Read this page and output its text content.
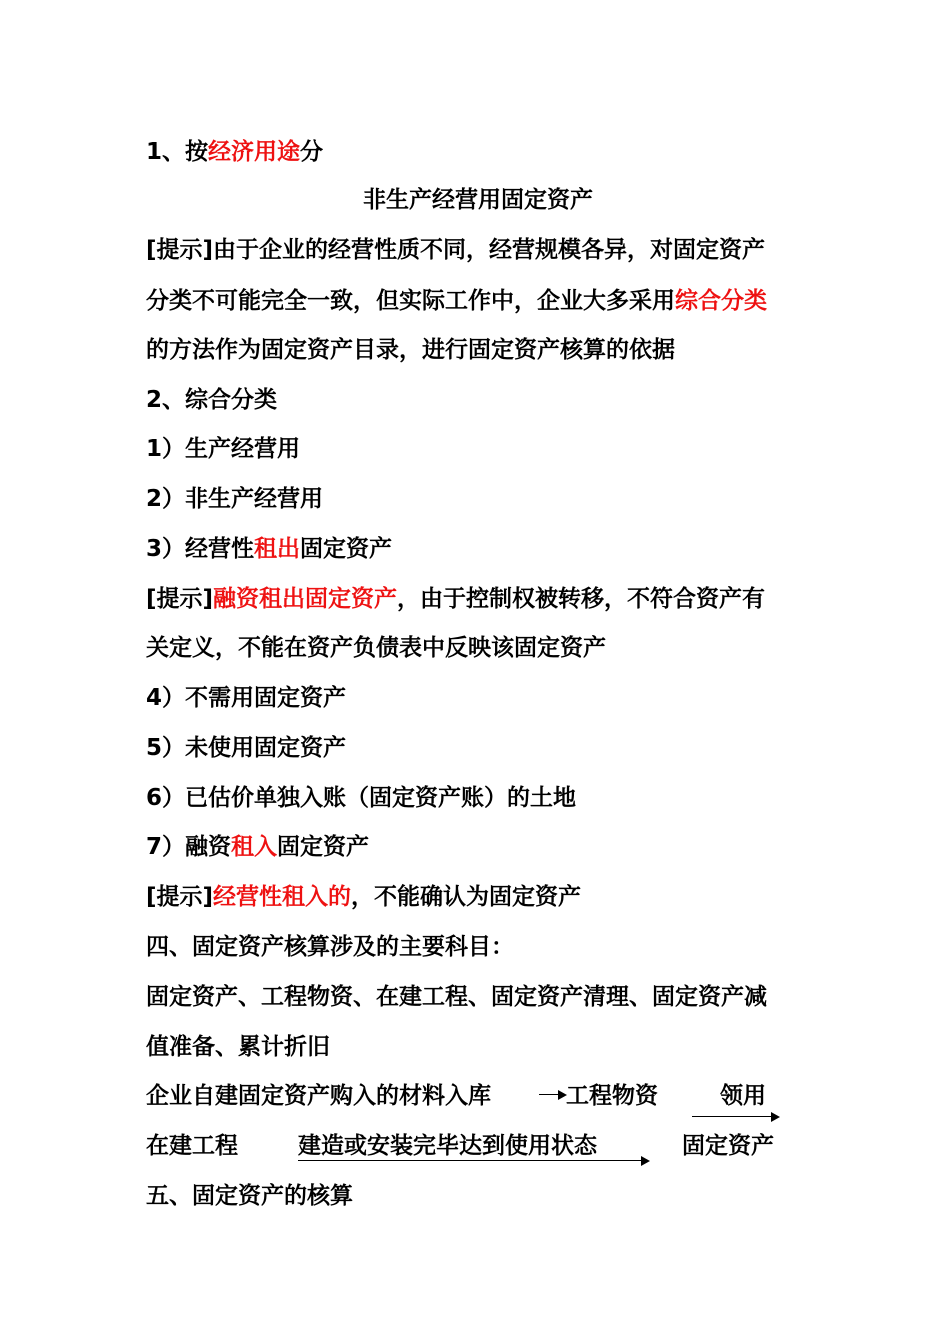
1、按经济用途分
非生产经营用固定资产
[提示]由于企业的经营性质不同，经营规模各异，对固定资产
分类不可能完全一致，但实际工作中，企业大多采用综合分类
的方法作为固定资产目录，进行固定资产核算的依据
2、综合分类
1）生产经营用
2）非生产经营用
3）经营性租出固定资产
[提示]融资租出固定资产，由于控制权被转移，不符合资产有
关定义，不能在资产负债表中反映该固定资产
4）不需用固定资产
5）未使用固定资产
6）已估价单独入账（固定资产账）的土地
7）融资租入固定资产
[提示]经营性租入的，不能确认为固定资产
四、固定资产核算涉及的主要科目：
固定资产、工程物资、在建工程、固定资产清理、固定资产减
值准备、累计折旧
企业自建固定资产购入的材料入库	工程物资	领用
在建工程	建造或安装完毕达到使用状态	固定资产
五、固定资产的核算
